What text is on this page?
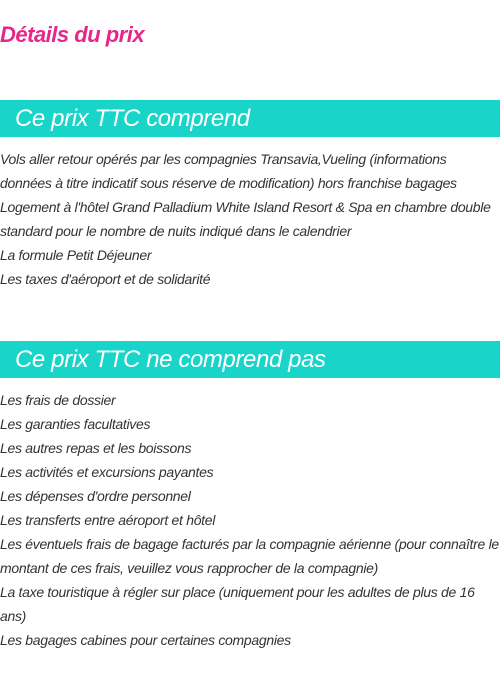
Détails du prix
Ce prix TTC comprend
Vols aller retour opérés par les compagnies Transavia,Vueling (informations données à titre indicatif sous réserve de modification) hors franchise bagages
Logement à l'hôtel Grand Palladium White Island Resort & Spa en chambre double standard pour le nombre de nuits indiqué dans le calendrier
La formule Petit Déjeuner
Les taxes d'aéroport et de solidarité
Ce prix TTC ne comprend pas
Les frais de dossier
Les garanties facultatives
Les autres repas et les boissons
Les activités et excursions payantes
Les dépenses d'ordre personnel
Les transferts entre aéroport et hôtel
Les éventuels frais de bagage facturés par la compagnie aérienne (pour connaître le montant de ces frais, veuillez vous rapprocher de la compagnie)
La taxe touristique à régler sur place (uniquement pour les adultes de plus de 16 ans)
Les bagages cabines pour certaines compagnies
